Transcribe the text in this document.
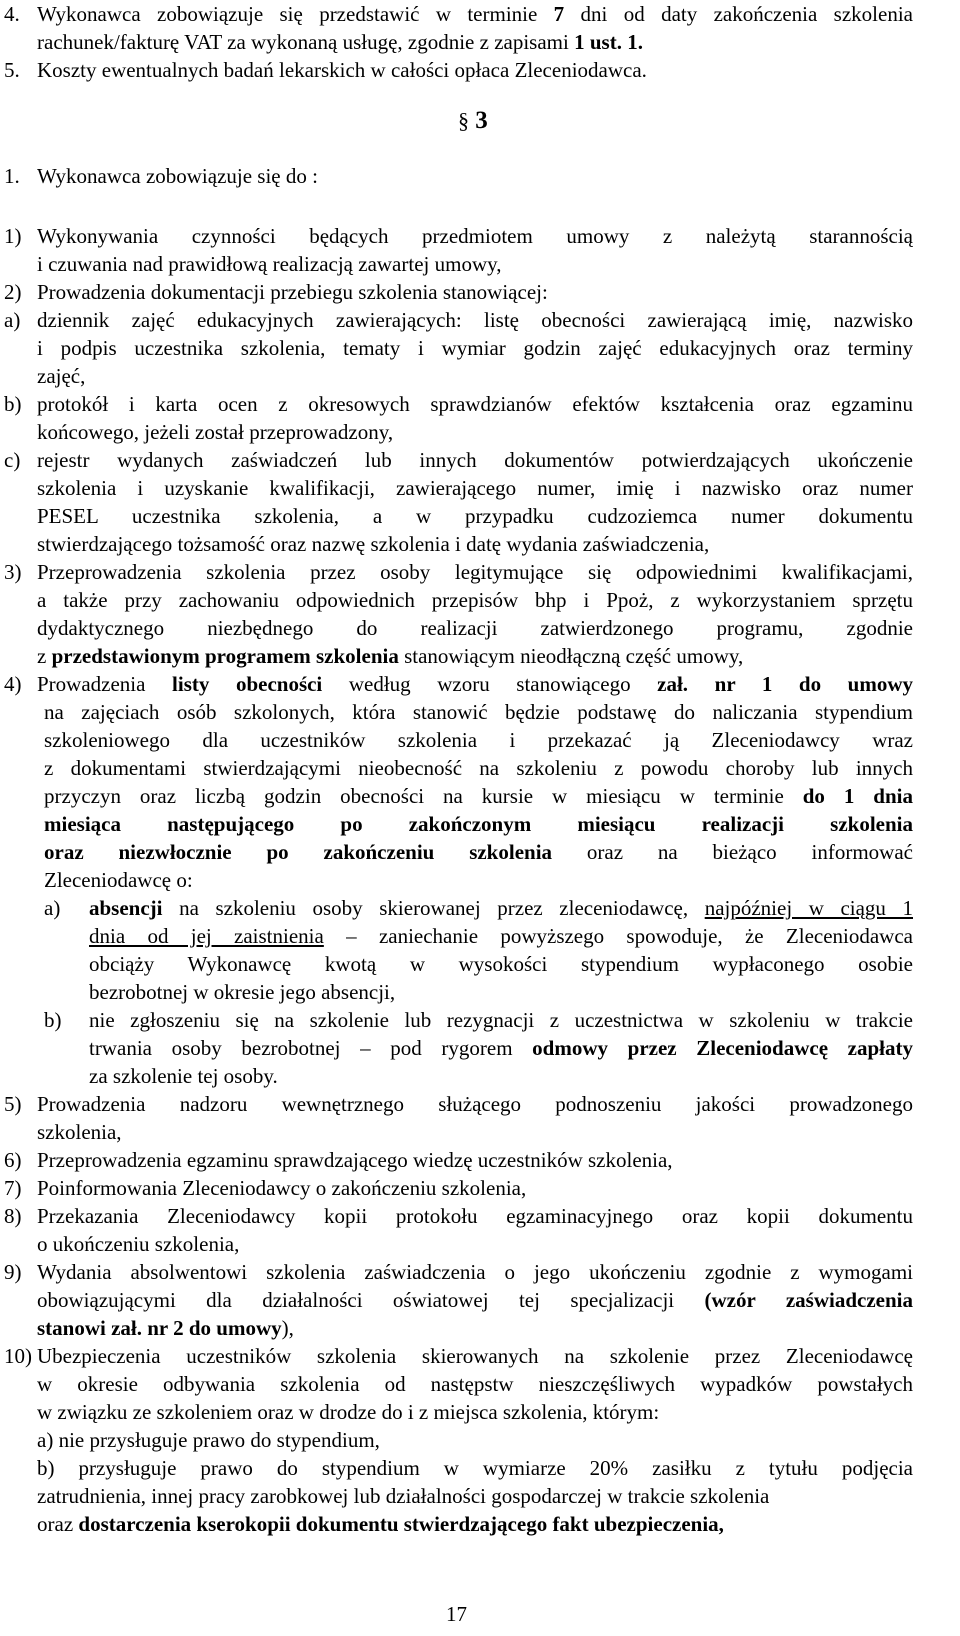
4. Wykonawca zobowiązuje się przedstawić w terminie 7 dni od daty zakończenia szkolenia
rachunek/fakturę VAT za wykonaną usługę, zgodnie z zapisami 1 ust. 1.
5. Koszty ewentualnych badań lekarskich w całości opłaca Zleceniodawca.
§ 3
1. Wykonawca zobowiązuje się do :
1) Wykonywania czynności będących przedmiotem umowy z należytą starannością
i czuwania nad prawidłową realizacją zawartej umowy,
2) Prowadzenia dokumentacji przebiegu szkolenia stanowiącej:
a) dziennik zajęć edukacyjnych zawierających: listę obecności zawierającą imię, nazwisko
i podpis uczestnika szkolenia, tematy i wymiar godzin zajęć edukacyjnych oraz terminy
zajęć,
b) protokół i karta ocen z okresowych sprawdzianów efektów kształcenia oraz egzaminu
końcowego, jeżeli został przeprowadzony,
c) rejestr wydanych zaświadczeń lub innych dokumentów potwierdzających ukończenie
szkolenia i uzyskanie kwalifikacji, zawierającego numer, imię i nazwisko oraz numer
PESEL uczestnika szkolenia, a w przypadku cudzoziemca numer dokumentu
stwierdzającego tożsamość oraz nazwę szkolenia i datę wydania zaświadczenia,
3) Przeprowadzenia szkolenia przez osoby legitymujące się odpowiednimi kwalifikacjami,
a także przy zachowaniu odpowiednich przepisów bhp i Ppoż, z wykorzystaniem sprzętu
dydaktycznego niezbędnego do realizacji zatwierdzonego programu, zgodnie
z przedstawionym programem szkolenia stanowiącym nieodłączną część umowy,
4) Prowadzenia listy obecności według wzoru stanowiącego zał. nr 1 do umowy
na zajęciach osób szkolonych, która stanowić będzie podstawę do naliczania stypendium
szkoleniowego dla uczestników szkolenia i przekazać ją Zleceniodawcy wraz
z dokumentami stwierdzającymi nieobecność na szkoleniu z powodu choroby lub innych
przyczyn oraz liczbą godzin obecności na kursie w miesiącu w terminie do 1 dnia
miesiąca następującego po zakończonym miesiącu realizacji szkolenia
oraz niezwłocznie po zakończeniu szkolenia oraz na bieżąco informować
Zleceniodawcę o:
a) absencji na szkoleniu osoby skierowanej przez zleceniodawcę, najpóźniej w ciągu 1
dnia od jej zaistnienia – zaniechanie powyższego spowoduje, że Zleceniodawca
obciąży Wykonawcę kwotą w wysokości stypendium wypłaconego osobie
bezrobotnej w okresie jego absencji,
b) nie zgłoszeniu się na szkolenie lub rezygnacji z uczestnictwa w szkoleniu w trakcie
trwania osoby bezrobotnej – pod rygorem odmowy przez Zleceniodawcę zapłaty
za szkolenie tej osoby.
5) Prowadzenia nadzoru wewnętrznego służącego podnoszeniu jakości prowadzonego
szkolenia,
6) Przeprowadzenia egzaminu sprawdzającego wiedzę uczestników szkolenia,
7) Poinformowania Zleceniodawcy o zakończeniu szkolenia,
8) Przekazania Zleceniodawcy kopii protokołu egzaminacyjnego oraz kopii dokumentu
o ukończeniu szkolenia,
9) Wydania absolwentowi szkolenia zaświadczenia o jego ukończeniu zgodnie z wymogami
obowiązującymi dla działalności oświatowej tej specjalizacji (wzór zaświadczenia
stanowi zał. nr 2 do umowy),
10) Ubezpieczenia uczestników szkolenia skierowanych na szkolenie przez Zleceniodawcę
w okresie odbywania szkolenia od następstw nieszczęśliwych wypadków powstałych
w związku ze szkoleniem oraz w drodze do i z miejsca szkolenia, którym:
a) nie przysługuje prawo do stypendium,
b) przysługuje prawo do stypendium w wymiarze 20% zasiłku z tytułu podjęcia
zatrudnienia, innej pracy zarobkowej lub działalności gospodarczej w trakcie szkolenia
oraz dostarczenia kserokopii dokumentu stwierdzającego fakt ubezpieczenia,
17
